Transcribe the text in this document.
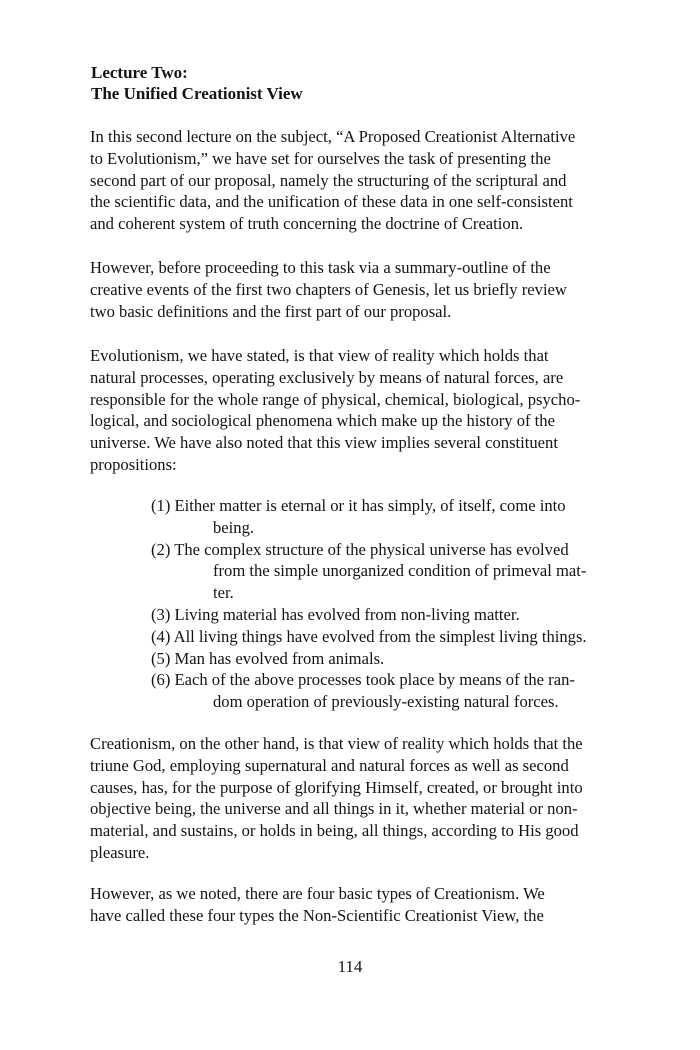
Lecture Two:
The Unified Creationist View
In this second lecture on the subject, “A Proposed Creationist Alternative
to Evolutionism,” we have set for ourselves the task of presenting the
second part of our proposal, namely the structuring of the scriptural and
the scientific data, and the unification of these data in one self-consistent
and coherent system of truth concerning the doctrine of Creation.
However, before proceeding to this task via a summary-outline of the
creative events of the first two chapters of Genesis, let us briefly review
two basic definitions and the first part of our proposal.
Evolutionism, we have stated, is that view of reality which holds that
natural processes, operating exclusively by means of natural forces, are
responsible for the whole range of physical, chemical, biological, psycho-
logical, and sociological phenomena which make up the history of the
universe. We have also noted that this view implies several constituent
propositions:
(1) Either matter is eternal or it has simply, of itself, come into
being.
(2) The complex structure of the physical universe has evolved
from the simple unorganized condition of primeval mat-
ter.
(3) Living material has evolved from non-living matter.
(4) All living things have evolved from the simplest living things.
(5) Man has evolved from animals.
(6) Each of the above processes took place by means of the ran-
dom operation of previously-existing natural forces.
Creationism, on the other hand, is that view of reality which holds that the
triune God, employing supernatural and natural forces as well as second
causes, has, for the purpose of glorifying Himself, created, or brought into
objective being, the universe and all things in it, whether material or non-
material, and sustains, or holds in being, all things, according to His good
pleasure.
However, as we noted, there are four basic types of Creationism. We
have called these four types the Non-Scientific Creationist View, the
114
